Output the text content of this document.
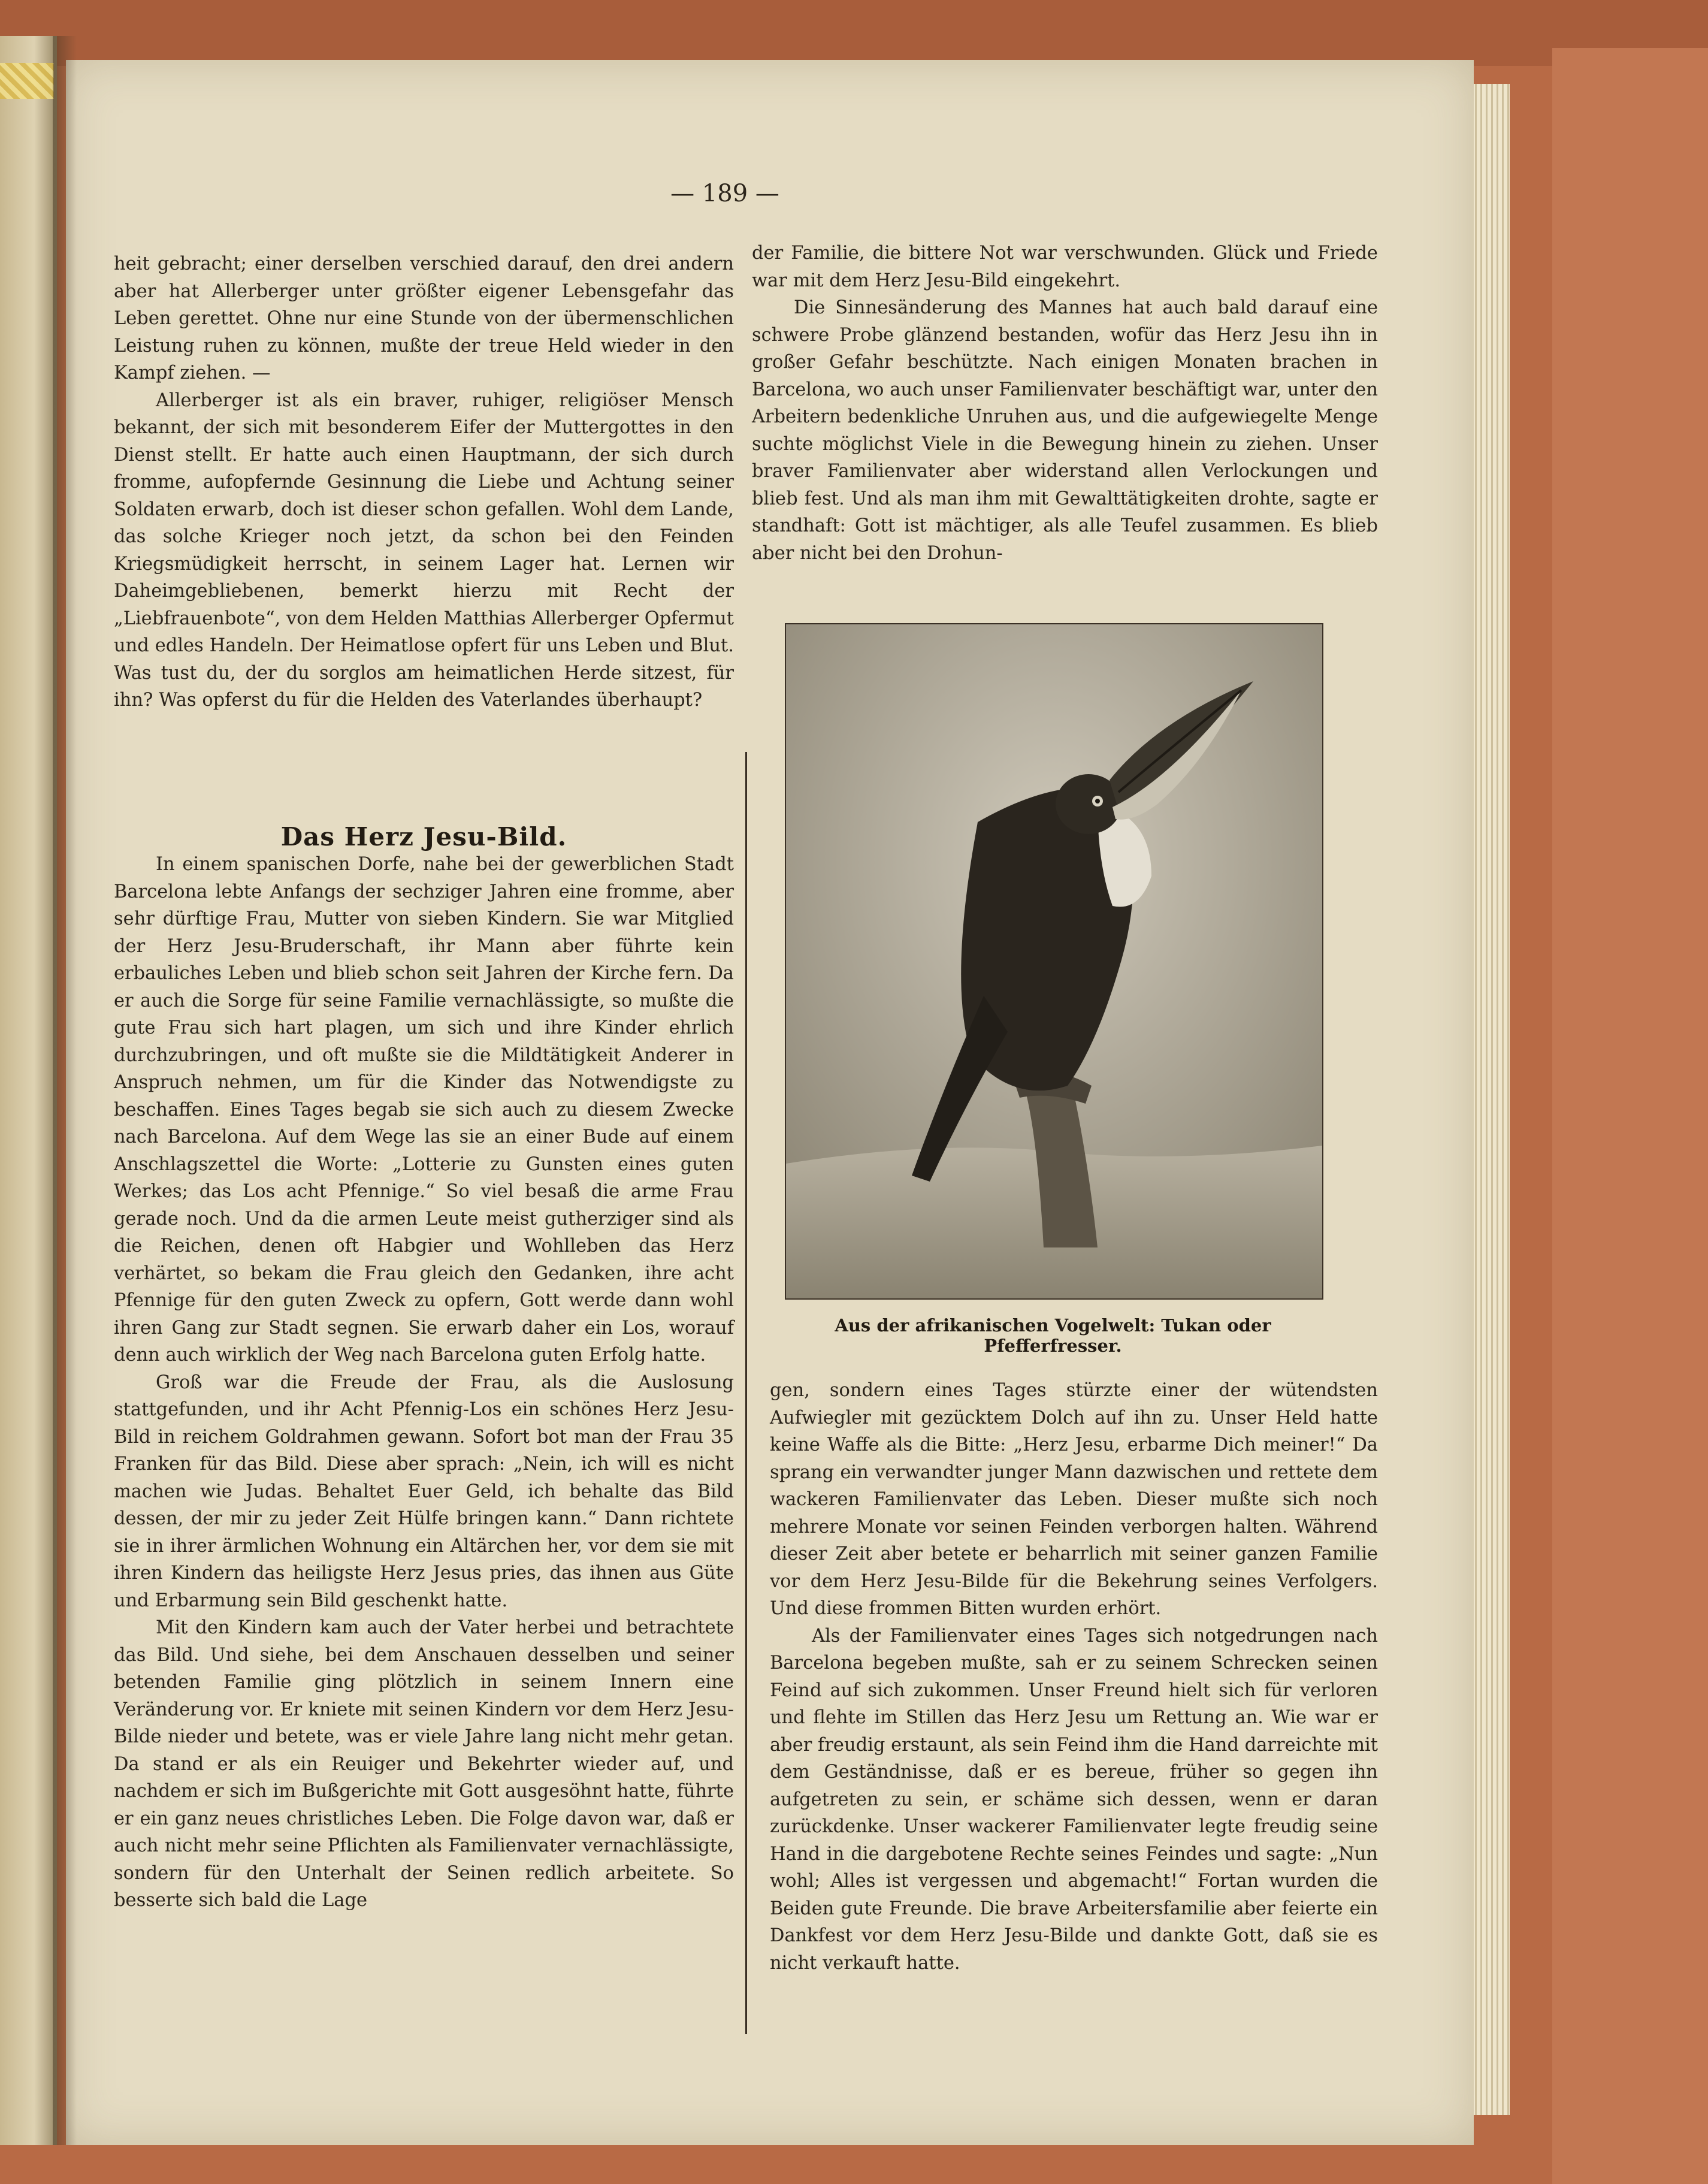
— 189 —

heit gebracht; einer derselben verschied darauf, den drei andern aber hat Allerberger unter größter eigener Lebensgefahr das Leben gerettet. Ohne nur eine Stunde von der übermenschlichen Leistung ruhen zu können, mußte der treue Held wieder in den Kampf ziehen. —

Allerberger ist als ein braver, ruhiger, religiöser Mensch bekannt, der sich mit besonderem Eifer der Muttergottes in den Dienst stellt. Er hatte auch einen Hauptmann, der sich durch fromme, aufopfernde Gesinnung die Liebe und Achtung seiner Soldaten erwarb, doch ist dieser schon gefallen. Wohl dem Lande, das solche Krieger noch jetzt, da schon bei den Feinden Kriegsmüdigkeit herrscht, in seinem Lager hat. Lernen wir Daheimgebliebenen, bemerkt hierzu mit Recht der „Liebfrauenbote“, von dem Helden Matthias Allerberger Opfermut und edles Handeln. Der Heimatlose opfert für uns Leben und Blut. Was tust du, der du sorglos am heimatlichen Herde sitzest, für ihn? Was opferst du für die Helden des Vaterlandes überhaupt?

Das Herz Jesu-Bild.

In einem spanischen Dorfe, nahe bei der gewerblichen Stadt Barcelona lebte Anfangs der sechziger Jahren eine fromme, aber sehr dürftige Frau, Mutter von sieben Kindern. Sie war Mitglied der Herz Jesu-Bruderschaft, ihr Mann aber führte kein erbauliches Leben und blieb schon seit Jahren der Kirche fern. Da er auch die Sorge für seine Familie vernachlässigte, so mußte die gute Frau sich hart plagen, um sich und ihre Kinder ehrlich durchzubringen, und oft mußte sie die Mildtätigkeit Anderer in Anspruch nehmen, um für die Kinder das Notwendigste zu beschaffen. Eines Tages begab sie sich auch zu diesem Zwecke nach Barcelona. Auf dem Wege las sie an einer Bude auf einem Anschlagszettel die Worte: „Lotterie zu Gunsten eines guten Werkes; das Los acht Pfennige.“ So viel besaß die arme Frau gerade noch. Und da die armen Leute meist gutherziger sind als die Reichen, denen oft Habgier und Wohlleben das Herz verhärtet, so bekam die Frau gleich den Gedanken, ihre acht Pfennige für den guten Zweck zu opfern, Gott werde dann wohl ihren Gang zur Stadt segnen. Sie erwarb daher ein Los, worauf denn auch wirklich der Weg nach Barcelona guten Erfolg hatte.

Groß war die Freude der Frau, als die Auslosung stattgefunden, und ihr Acht Pfennig-Los ein schönes Herz Jesu-Bild in reichem Goldrahmen gewann. Sofort bot man der Frau 35 Franken für das Bild. Diese aber sprach: „Nein, ich will es nicht machen wie Judas. Behaltet Euer Geld, ich behalte das Bild dessen, der mir zu jeder Zeit Hülfe bringen kann.“ Dann richtete sie in ihrer ärmlichen Wohnung ein Altärchen her, vor dem sie mit ihren Kindern das heiligste Herz Jesus pries, das ihnen aus Güte und Erbarmung sein Bild geschenkt hatte.

Mit den Kindern kam auch der Vater herbei und betrachtete das Bild. Und siehe, bei dem Anschauen desselben und seiner betenden Familie ging plötzlich in seinem Innern eine Veränderung vor. Er kniete mit seinen Kindern vor dem Herz Jesu-Bilde nieder und betete, was er viele Jahre lang nicht mehr getan. Da stand er als ein Reuiger und Bekehrter wieder auf, und nachdem er sich im Bußgerichte mit Gott ausgesöhnt hatte, führte er ein ganz neues christliches Leben. Die Folge davon war, daß er auch nicht mehr seine Pflichten als Familienvater vernachlässigte, sondern für den Unterhalt der Seinen redlich arbeitete. So besserte sich bald die Lage

der Familie, die bittere Not war verschwunden. Glück und Friede war mit dem Herz Jesu-Bild eingekehrt.

Die Sinnesänderung des Mannes hat auch bald darauf eine schwere Probe glänzend bestanden, wofür das Herz Jesu ihn in großer Gefahr beschützte. Nach einigen Monaten brachen in Barcelona, wo auch unser Familienvater beschäftigt war, unter den Arbeitern bedenkliche Unruhen aus, und die aufgewiegelte Menge suchte möglichst Viele in die Bewegung hinein zu ziehen. Unser braver Familienvater aber widerstand allen Verlockungen und blieb fest. Und als man ihm mit Gewalttätigkeiten drohte, sagte er standhaft: Gott ist mächtiger, als alle Teufel zusammen. Es blieb aber nicht bei den Drohun-

Aus der afrikanischen Vogelwelt: Tukan oder Pfefferfresser.

gen, sondern eines Tages stürzte einer der wütendsten Aufwiegler mit gezücktem Dolch auf ihn zu. Unser Held hatte keine Waffe als die Bitte: „Herz Jesu, erbarme Dich meiner!“ Da sprang ein verwandter junger Mann dazwischen und rettete dem wackeren Familienvater das Leben. Dieser mußte sich noch mehrere Monate vor seinen Feinden verborgen halten. Während dieser Zeit aber betete er beharrlich mit seiner ganzen Familie vor dem Herz Jesu-Bilde für die Bekehrung seines Verfolgers. Und diese frommen Bitten wurden erhört.

Als der Familienvater eines Tages sich notgedrungen nach Barcelona begeben mußte, sah er zu seinem Schrecken seinen Feind auf sich zukommen. Unser Freund hielt sich für verloren und flehte im Stillen das Herz Jesu um Rettung an. Wie war er aber freudig erstaunt, als sein Feind ihm die Hand darreichte mit dem Geständnisse, daß er es bereue, früher so gegen ihn aufgetreten zu sein, er schäme sich dessen, wenn er daran zurückdenke. Unser wackerer Familienvater legte freudig seine Hand in die dargebotene Rechte seines Feindes und sagte: „Nun wohl; Alles ist vergessen und abgemacht!“ Fortan wurden die Beiden gute Freunde. Die brave Arbeitersfamilie aber feierte ein Dankfest vor dem Herz Jesu-Bilde und dankte Gott, daß sie es nicht verkauft hatte.
